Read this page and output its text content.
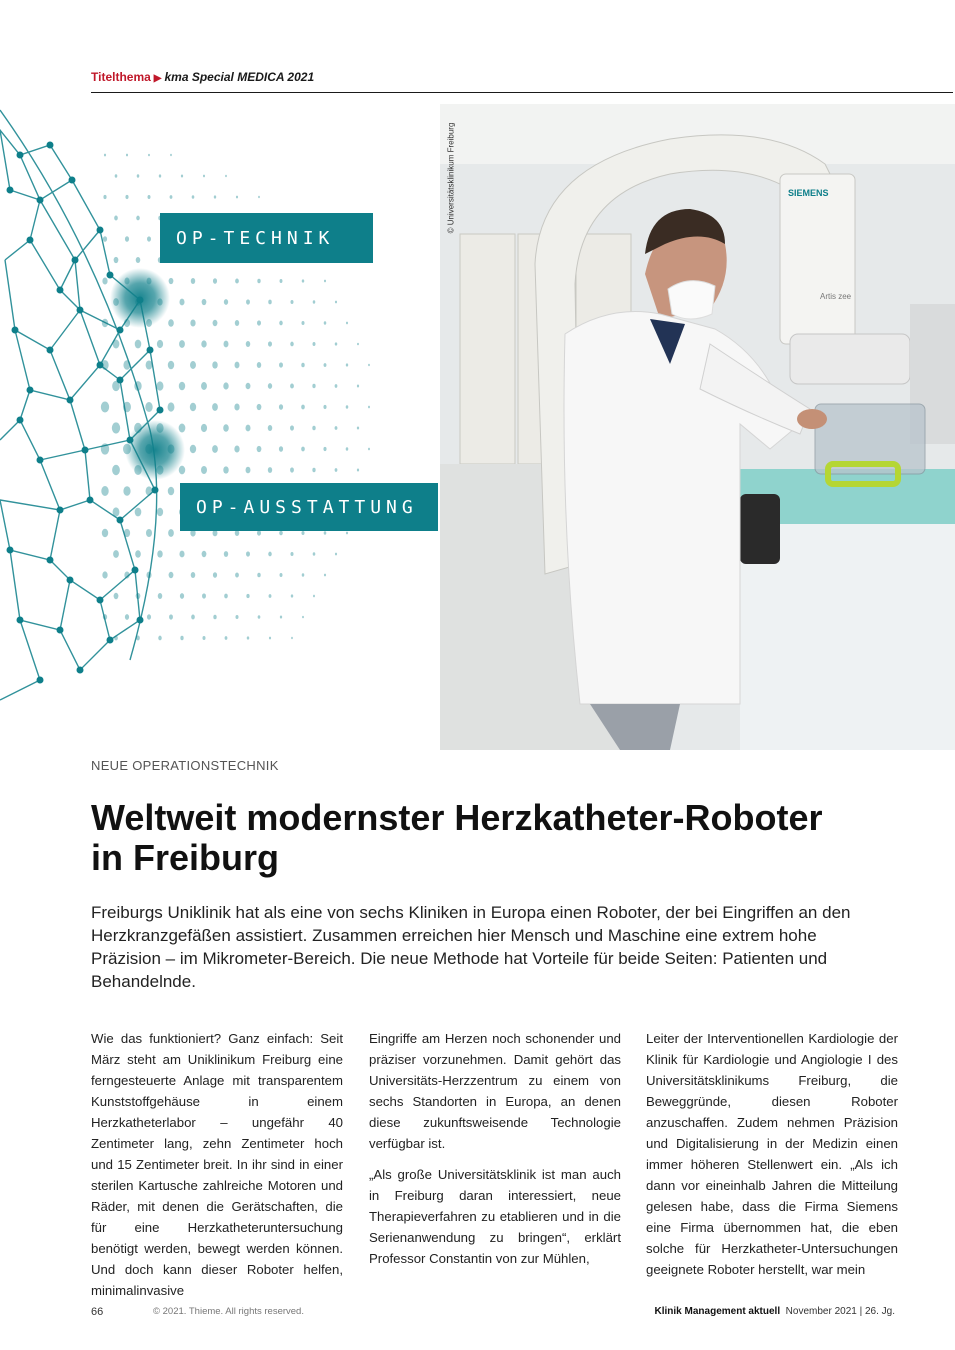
Titelthema ▶ kma Special MEDICA 2021
SIEMENS
Artis zee
© Universitätsklinikum Freiburg
OP-TECHNIK
OP-AUSSTATTUNG
NEUE OPERATIONSTECHNIK
Weltweit modernster Herzkatheter-Roboter
in Freiburg

Freiburgs Uniklinik hat als eine von sechs Kliniken in Europa einen Roboter, der bei Eingriffen an den Herzkranzgefäßen assistiert. Zusammen erreichen hier Mensch und Maschine eine extrem hohe Präzision – im Mikrometer-Bereich. Die neue Methode hat Vorteile für beide Seiten: Patienten und Behandelnde.

Wie das funktioniert? Ganz einfach: Seit März steht am Uniklinikum Freiburg eine ferngesteuerte Anlage mit transparentem Kunststoffgehäuse in einem Herzkatheterlabor – ungefähr 40 Zentimeter lang, zehn Zentimeter hoch und 15 Zentimeter breit. In ihr sind in einer sterilen Kartusche zahlreiche Motoren und Räder, mit denen die Gerätschaften, die für eine Herzkatheteruntersuchung benötigt werden, bewegt werden können. Und doch kann dieser Roboter helfen, minimalinvasive

Eingriffe am Herzen noch schonender und präziser vorzunehmen. Damit gehört das Universitäts-Herzzentrum zu einem von sechs Standorten in Europa, an denen diese zukunftsweisende Technologie verfügbar ist.

„Als große Universitätsklinik ist man auch in Freiburg daran interessiert, neue Therapieverfahren zu etablieren und in die Serienanwendung zu bringen“, erklärt Professor Constantin von zur Mühlen,

Leiter der Interventionellen Kardiologie der Klinik für Kardiologie und Angiologie I des Universitätsklinikums Freiburg, die Beweggründe, diesen Roboter anzuschaffen. Zudem nehmen Präzision und Digitalisierung in der Medizin einen immer höheren Stellenwert ein. „Als ich dann vor eineinhalb Jahren die Mitteilung gelesen habe, dass die Firma Siemens eine Firma übernommen hat, die eben solche für Herzkatheter-Untersuchungen geeignete Roboter herstellt, war mein

66	© 2021. Thieme. All rights reserved.	Klinik Management aktuell November 2021 | 26. Jg.
